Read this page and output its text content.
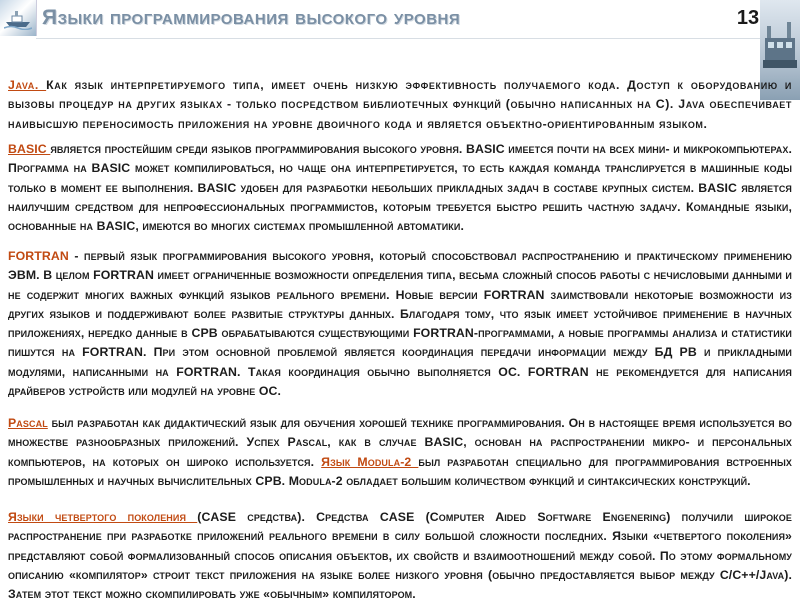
Языки программирования высокого уровня	13

Java. Как язык интерпретируемого типа, имеет очень низкую эффективность получаемого кода. Доступ к оборудованию и вызовы процедур на других языках - только посредством библиотечных функций (обычно написанных на С). Java обеспечивает наивысшую переносимость приложения на уровне двоичного кода и является объектно-ориентированным языком.

BASIC является простейшим среди языков программирования высокого уровня. BASIC имеется почти на всех мини- и микрокомпьютерах. Программа на BASIC может компилироваться, но чаще она интерпретируется, то есть каждая команда транслируется в машинные коды только в момент ее выполнения. BASIC удобен для разработки небольших прикладных задач в составе крупных систем. BASIC является наилучшим средством для непрофессиональных программистов, которым требуется быстро решить частную задачу. Командные языки, основанные на BASIC, имеются во многих системах промышленной автоматики.

FORTRAN - первый язык программирования высокого уровня, который способствовал распространению и практическому применению ЭВМ. В целом FORTRAN имеет ограниченные возможности определения типа, весьма сложный способ работы с нечисловыми данными и не содержит многих важных функций языков реального времени. Новые версии FORTRAN заимствовали некоторые возможности из других языков и поддерживают более развитые структуры данных. Благодаря тому, что язык имеет устойчивое применение в научных приложениях, нередко данные в СРВ обрабатываются существующими FORTRAN-программами, а новые программы анализа и статистики пишутся на FORTRAN. При этом основной проблемой является координация передачи информации между БД РВ и прикладными модулями, написанными на FORTRAN. Такая координация обычно выполняется ОС. FORTRAN не рекомендуется для написания драйверов устройств или модулей на уровне ОС.

Pascal был разработан как дидактический язык для обучения хорошей технике программирования. Он в настоящее время используется во множестве разнообразных приложений. Успех Pascal, как в случае BASIC, основан на распространении микро- и персональных компьютеров, на которых он широко используется. Язык Modula-2 был разработан специально для программирования встроенных промышленных и научных вычислительных СРВ. Modula-2 обладает большим количеством функций и синтаксических конструкций.

Языки четвертого поколения (CASE средства). Средства CASE (Computer Aided Software Engenering) получили широкое распространение при разработке приложений реального времени в силу большой сложности последних. Языки «четвертого поколения» представляют собой формализованный способ описания объектов, их свойств и взаимоотношений между собой. По этому формальному описанию «компилятор» строит текст приложения на языке более низкого уровня (обычно предоставляется выбор между С/С++/Java). Затем этот текст можно скомпилировать уже «обычным» компилятором.
